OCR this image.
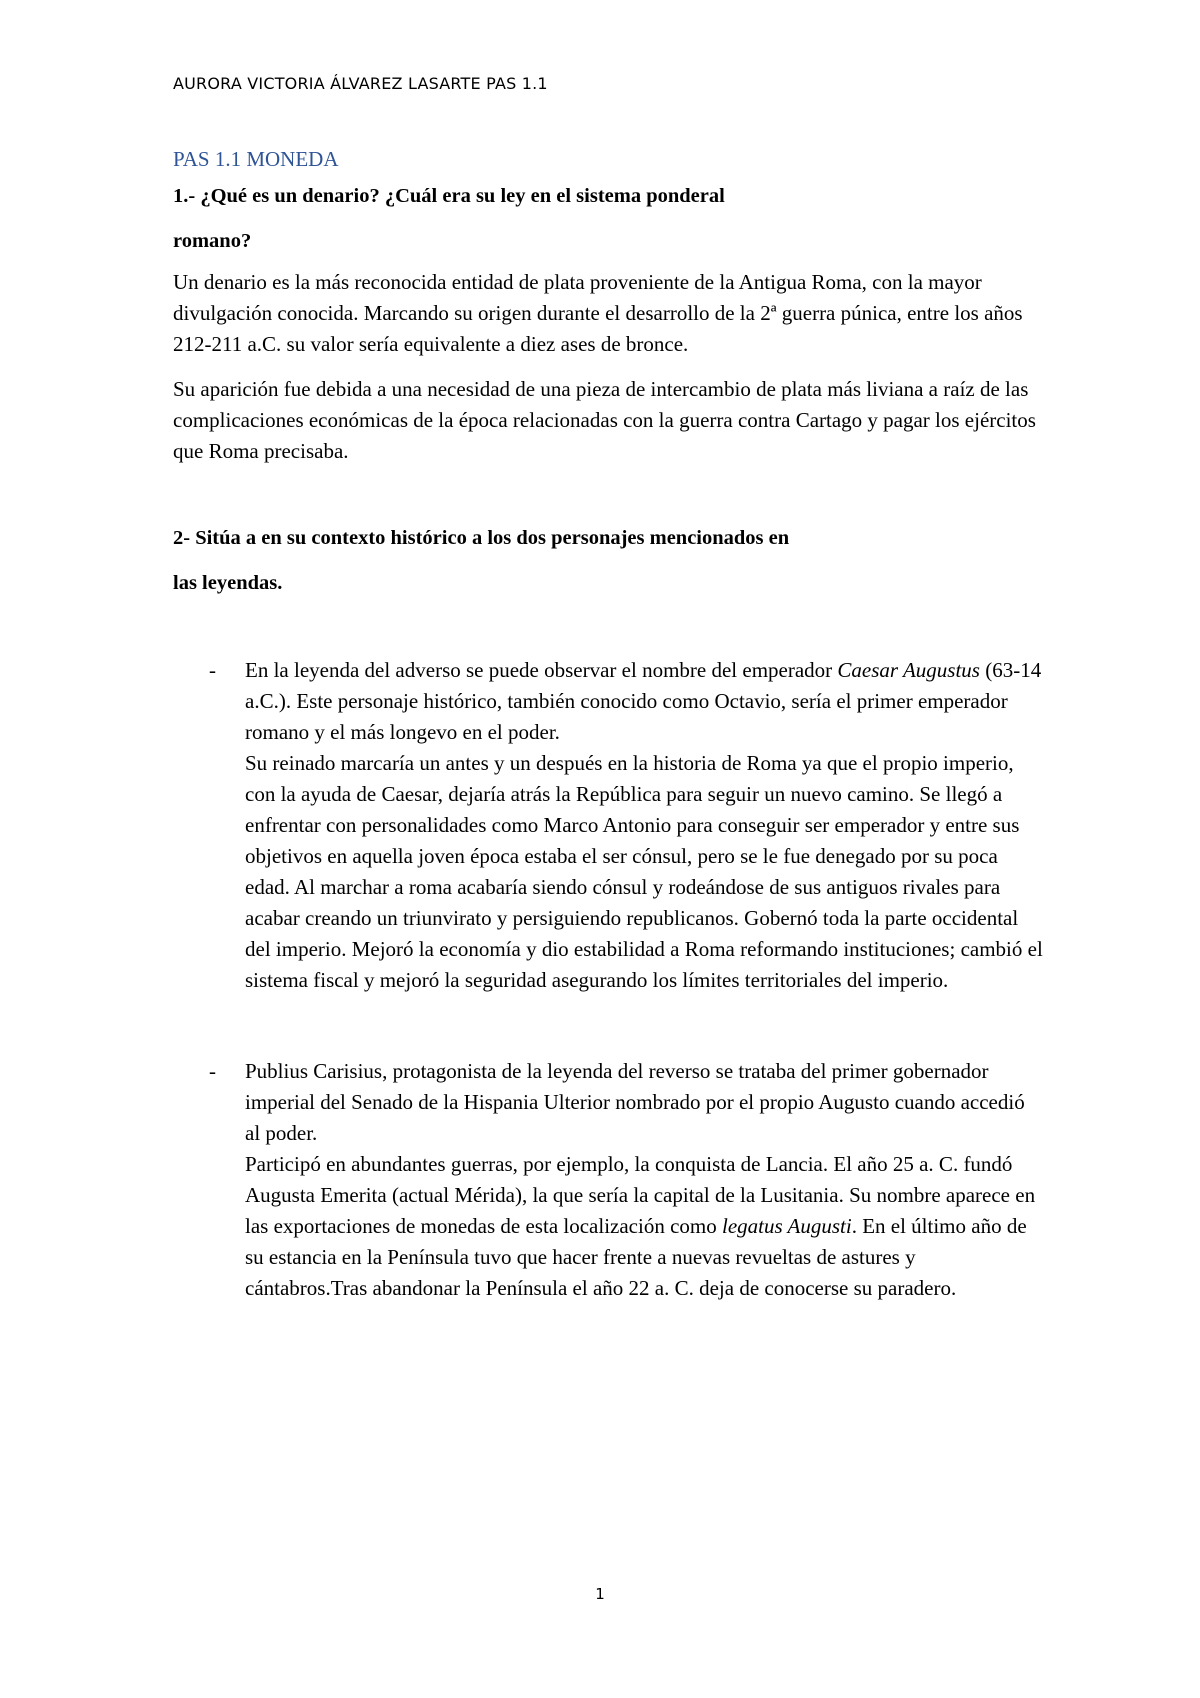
AURORA VICTORIA ÁLVAREZ LASARTE PAS 1.1
PAS 1.1 MONEDA

1.- ¿Qué es un denario? ¿Cuál era su ley en el sistema ponderal

romano?

Un denario es la más reconocida entidad de plata proveniente de la Antigua Roma, con la mayor divulgación conocida. Marcando su origen durante el desarrollo de la 2ª guerra púnica, entre los años 212-211 a.C. su valor sería equivalente a diez ases de bronce.

Su aparición fue debida a una necesidad de una pieza de intercambio de plata más liviana a raíz de las complicaciones económicas de la época relacionadas con la guerra contra Cartago y pagar los ejércitos que Roma precisaba.

2- Sitúa a en su contexto histórico a los dos personajes mencionados en

las leyendas.

- En la leyenda del adverso se puede observar el nombre del emperador Caesar Augustus (63-14 a.C.). Este personaje histórico, también conocido como Octavio, sería el primer emperador romano y el más longevo en el poder.
Su reinado marcaría un antes y un después en la historia de Roma ya que el propio imperio, con la ayuda de Caesar, dejaría atrás la República para seguir un nuevo camino. Se llegó a enfrentar con personalidades como Marco Antonio para conseguir ser emperador y entre sus objetivos en aquella joven época estaba el ser cónsul, pero se le fue denegado por su poca edad. Al marchar a roma acabaría siendo cónsul y rodeándose de sus antiguos rivales para acabar creando un triunvirato y persiguiendo republicanos. Gobernó toda la parte occidental del imperio. Mejoró la economía y dio estabilidad a Roma reformando instituciones; cambió el sistema fiscal y mejoró la seguridad asegurando los límites territoriales del imperio.
- Publius Carisius, protagonista de la leyenda del reverso se trataba del primer gobernador imperial del Senado de la Hispania Ulterior nombrado por el propio Augusto cuando accedió al poder.
Participó en abundantes guerras, por ejemplo, la conquista de Lancia. El año 25 a. C. fundó Augusta Emerita (actual Mérida), la que sería la capital de la Lusitania. Su nombre aparece en las exportaciones de monedas de esta localización como legatus Augusti. En el último año de su estancia en la Península tuvo que hacer frente a nuevas revueltas de astures y cántabros.Tras abandonar la Península el año 22 a. C. deja de conocerse su paradero.
1
